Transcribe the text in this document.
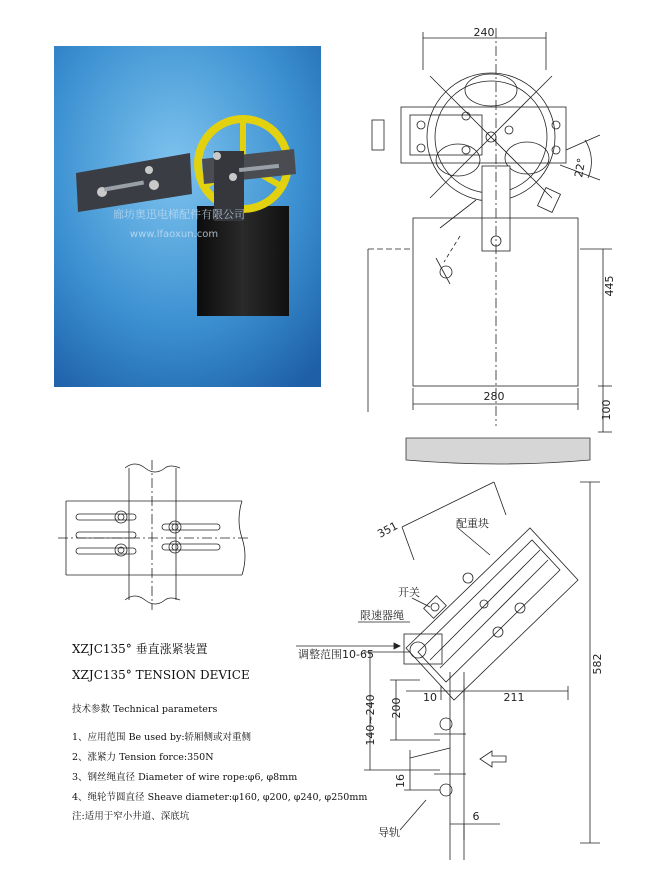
廊坊奥迅电梯配件有限公司
www.lfaoxun.com
240
22°
445
280
100
351	配重块
开关
限速器绳
调整范围10-65
140~240 200 10	211
582
16
导轨
6
XZJC135° 垂直涨紧装置
XZJC135° TENSION DEVICE
技术参数 Technical parameters
1、应用范围 Be used by:轿厢侧或对重侧
2、涨紧力 Tension force:350N
3、钢丝绳直径 Diameter of wire rope:φ6, φ8mm
4、绳轮节圆直径 Sheave diameter:φ160, φ200, φ240, φ250mm
注:适用于窄小井道、深底坑
